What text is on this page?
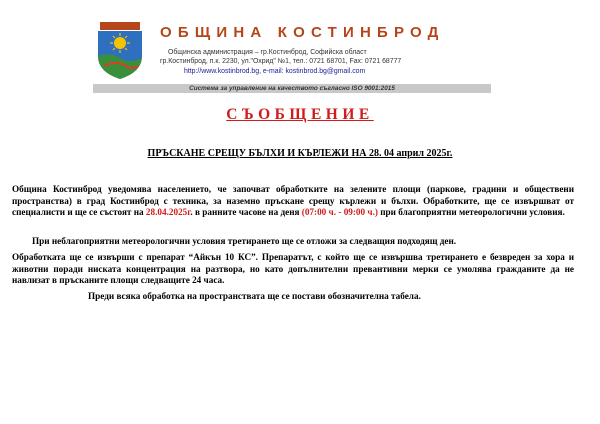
ОБЩИНА КОСТИНБРОД
Общинска администрация – гр.Костинброд, Софийска област
гр.Костинброд, п.к. 2230, ул."Охрид" №1, тел.: 0721 68701, Fax: 0721 68777
http://www.kostinbrod.bg, e-mail: kostinbrod.bg@gmail.com
Система за управление на качеството съгласно ISO 9001:2015
СЪОБЩЕНИЕ
ПРЪСКАНЕ СРЕЩУ БЪЛХИ И КЪРЛЕЖИ НА 28. 04 април 2025г.

Община Костинброд уведомява населението, че започват обработките на зелените площи (паркове, градини и обществени пространства) в град Костинброд с техника, за наземно пръскане срещу кърлежи и бълхи. Обработките, ще се извършват от специалисти и ще се състоят на 28.04.2025г. в ранните часове на деня (07:00 ч. - 09:00 ч.) при благоприятни метеорологични условия.

При неблагоприятни метеорологични условия третирането ще се отложи за следващия подходящ ден.

Обработката ще се извърши с препарат “Айкън 10 КС”. Препаратът, с който ще се извършва третирането е безвреден за хора и животни поради ниската концентрация на разтвора, но като допълнителни превантивни мерки се умолява гражданите да не навлизат в пръсканите площи следващите 24 часа.

Преди всяка обработка на пространствата ще се постави обозначителна табела.
